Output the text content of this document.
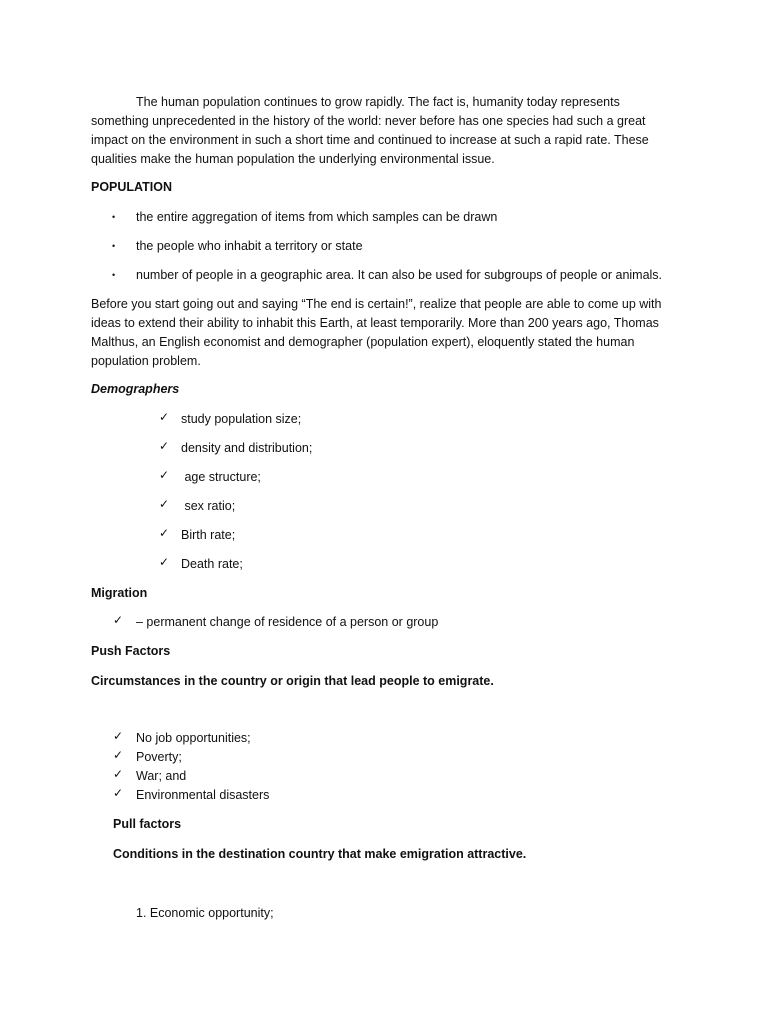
The human population continues to grow rapidly. The fact is, humanity today represents
something unprecedented in the history of the world: never before has one species had such a great
impact on the environment in such a short time and continued to increase at such a rapid rate. These
qualities make the human population the underlying environmental issue.
POPULATION
• the entire aggregation of items from which samples can be drawn
• the people who inhabit a territory or state
• number of people in a geographic area. It can also be used for subgroups of people or animals.
Before you start going out and saying “The end is certain!”, realize that people are able to come up with
ideas to extend their ability to inhabit this Earth, at least temporarily. More than 200 years ago, Thomas
Malthus, an English economist and demographer (population expert), eloquently stated the human
population problem.
Demographers
✓ study population size;
✓ density and distribution;
✓ age structure;
✓ sex ratio;
✓ Birth rate;
✓ Death rate;
Migration
✓ – permanent change of residence of a person or group
Push Factors
Circumstances in the country or origin that lead people to emigrate.
✓ No job opportunities;
✓ Poverty;
✓ War; and
✓ Environmental disasters
Pull factors
Conditions in the destination country that make emigration attractive.
1. Economic opportunity;
